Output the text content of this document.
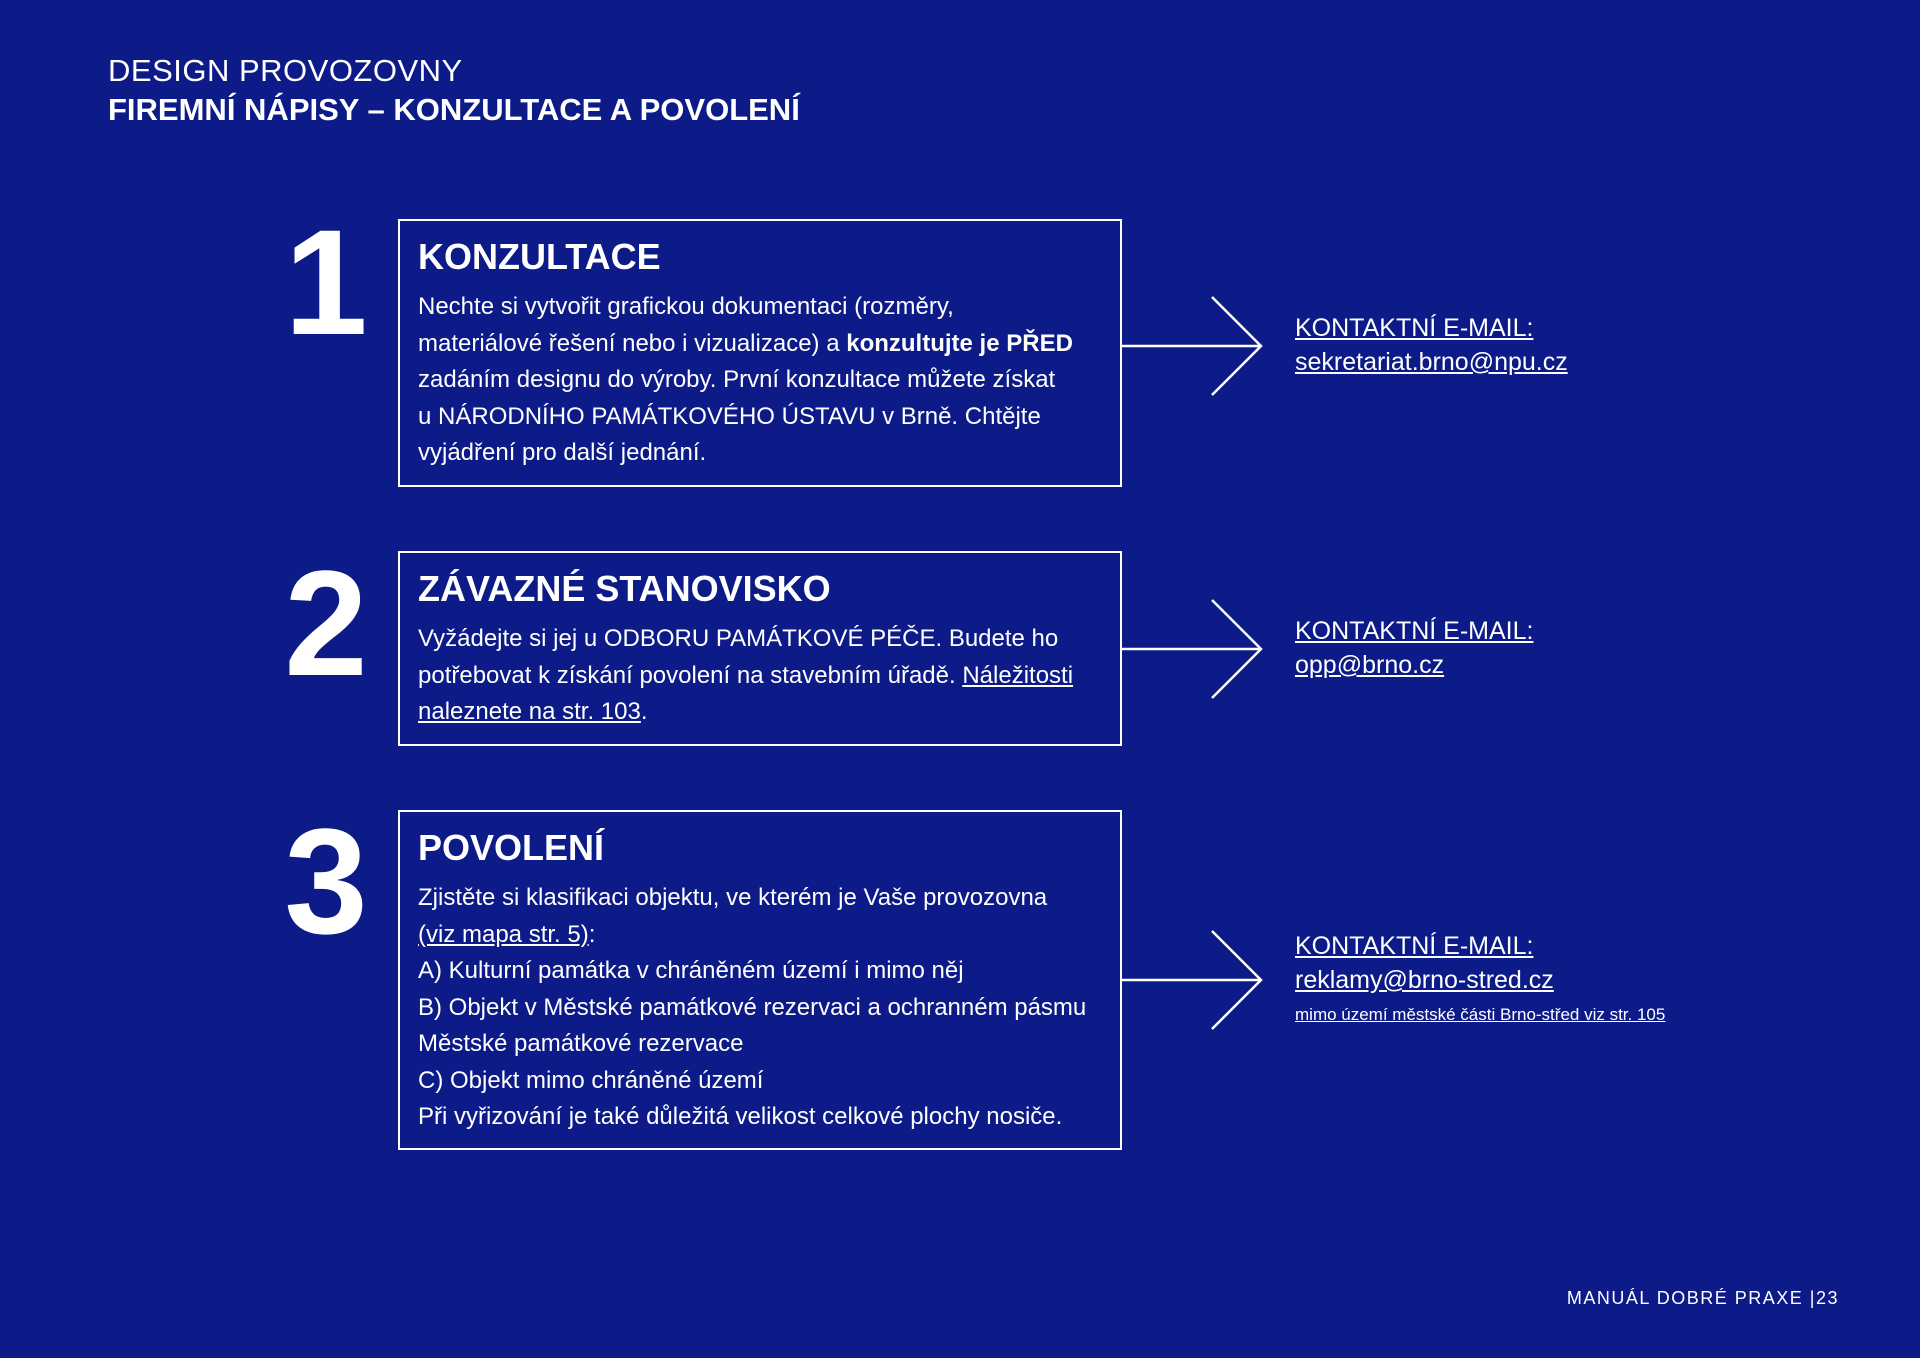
DESIGN PROVOZOVNY
FIREMNÍ NÁPISY – KONZULTACE A POVOLENÍ
1	KONZULTACE
Nechte si vytvořit grafickou dokumentaci (rozměry,
materiálové řešení nebo i vizualizace) a konzultujte je PŘED
zadáním designu do výroby. První konzultace můžete získat
u NÁRODNÍHO PAMÁTKOVÉHO ÚSTAVU v Brně. Chtějte
vyjádření pro další jednání.
KONTAKTNÍ E-MAIL:
sekretariat.brno@npu.cz
2	ZÁVAZNÉ STANOVISKO
Vyžádejte si jej u ODBORU PAMÁTKOVÉ PÉČE. Budete ho
potřebovat k získání povolení na stavebním úřadě. Náležitosti
naleznete na str. 103.
KONTAKTNÍ E-MAIL:
opp@brno.cz
3	POVOLENÍ
Zjistěte si klasifikaci objektu, ve kterém je Vaše provozovna
(viz mapa str. 5):
A) Kulturní památka v chráněném území i mimo něj
B) Objekt v Městské památkové rezervaci a ochranném pásmu
Městské památkové rezervace
C) Objekt mimo chráněné území
Při vyřizování je také důležitá velikost celkové plochy nosiče.
KONTAKTNÍ E-MAIL:
reklamy@brno-stred.cz
mimo území městské části Brno-střed viz str. 105
MANUÁL DOBRÉ PRAXE |23
